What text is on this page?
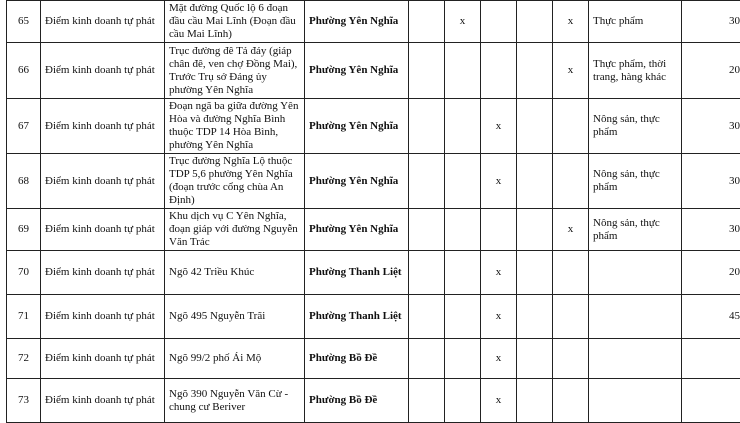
65	Điểm kinh doanh tự phát	Mặt đường Quốc lộ 6 đoạn đầu cầu Mai Lĩnh (Đoạn đầu cầu Mai Lĩnh)	Phường Yên Nghĩa		x			x	Thực phẩm	30
66	Điểm kinh doanh tự phát	Trục đường đê Tả đáy (giáp chân đê, ven chợ Đồng Mai), Trước Trụ sở Đảng ủy phường Yên Nghĩa	Phường Yên Nghĩa					x	Thực phẩm, thời trang, hàng khác	20
67	Điểm kinh doanh tự phát	Đoạn ngã ba giữa đường Yên Hòa và đường Nghĩa Bình thuộc TDP 14 Hòa Bình, phường Yên Nghĩa	Phường Yên Nghĩa			x			Nông sản, thực phẩm	30
68	Điểm kinh doanh tự phát	Trục đường Nghĩa Lộ thuộc TDP 5,6 phường Yên Nghĩa (đoạn trước cổng chùa An Định)	Phường Yên Nghĩa			x			Nông sản, thực phẩm	30
69	Điểm kinh doanh tự phát	Khu dịch vụ C Yên Nghĩa, đoạn giáp với đường Nguyễn Văn Trác	Phường Yên Nghĩa					x	Nông sản, thực phẩm	30
70	Điểm kinh doanh tự phát	Ngõ 42 Triều Khúc	Phường Thanh Liệt			x				20
71	Điểm kinh doanh tự phát	Ngõ 495 Nguyễn Trãi	Phường Thanh Liệt			x				45
72	Điểm kinh doanh tự phát	Ngõ 99/2 phố Ái Mộ	Phường Bồ Đề			x				
73	Điểm kinh doanh tự phát	Ngõ 390 Nguyễn Văn Cừ - chung cư Beriver	Phường Bồ Đề			x				
